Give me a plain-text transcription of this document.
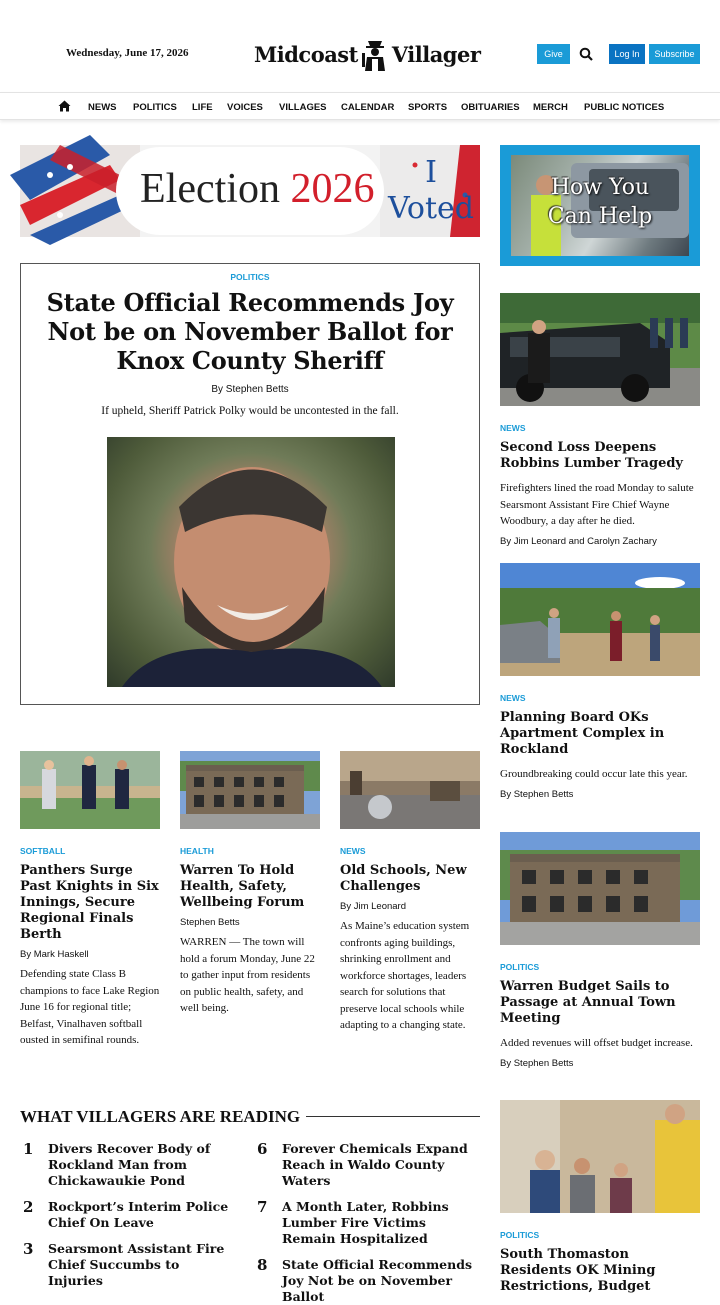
Wednesday, June 17, 2026	Midcoast Villager	Give	Log In	Subscribe
NEWS POLITICS LIFE VOICES VILLAGES CALENDAR SPORTS OBITUARIES MERCH PUBLIC NOTICES
Election 2026	I
Voted
How You
Can Help
POLITICS
State Official Recommends Joy Not be on November Ballot for Knox County Sheriff
By Stephen Betts
If upheld, Sheriff Patrick Polky would be uncontested in the fall.
SOFTBALL
Panthers Surge Past Knights in Six Innings, Secure Regional Finals Berth
By Mark Haskell
Defending state Class B champions to face Lake Region June 16 for regional title; Belfast, Vinalhaven softball ousted in semifinal rounds.
HEALTH
Warren To Hold Health, Safety, Wellbeing Forum
Stephen Betts
WARREN — The town will hold a forum Monday, June 22 to gather input from residents on public health, safety, and well being.
NEWS
Old Schools, New Challenges
By Jim Leonard
As Maine’s education system confronts aging buildings, shrinking enrollment and workforce shortages, leaders search for solutions that preserve local schools while adapting to a changing state.
NEWS
Second Loss Deepens Robbins Lumber Tragedy
Firefighters lined the road Monday to salute Searsmont Assistant Fire Chief Wayne Woodbury, a day after he died.
By Jim Leonard and Carolyn Zachary
NEWS
Planning Board OKs Apartment Complex in Rockland
Groundbreaking could occur late this year.
By Stephen Betts
POLITICS
Warren Budget Sails to Passage at Annual Town Meeting
Added revenues will offset budget increase.
By Stephen Betts
POLITICS
South Thomaston Residents OK Mining Restrictions, Budget
WHAT VILLAGERS ARE READING
1	Divers Recover Body of Rockland Man from Chickawaukie Pond
2	Rockport’s Interim Police Chief On Leave
3	Searsmont Assistant Fire Chief Succumbs to Injuries
6	Forever Chemicals Expand Reach in Waldo County Waters
7	A Month Later, Robbins Lumber Fire Victims Remain Hospitalized
8	State Official Recommends Joy Not be on November Ballot
